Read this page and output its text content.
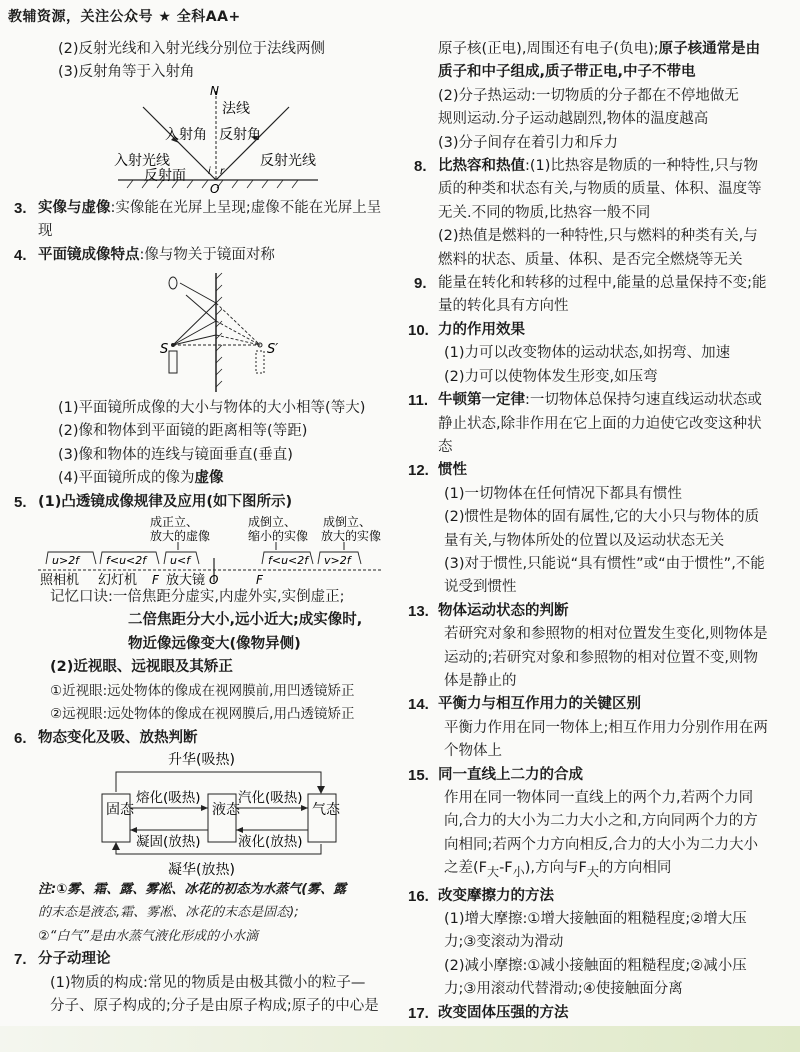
教辅资源，关注公众号 ★ 全科AA+
(2)反射光线和入射光线分别位于法线两侧
(3)反射角等于入射角
N
法线
入射角 反射角
入射光线	反射光线
反射面 i r
O
3. 实像与虚像:实像能在光屏上呈现;虚像不能在光屏上呈现
4. 平面镜成像特点:像与物关于镜面对称
S	S′
(1)平面镜所成像的大小与物体的大小相等(等大)
(2)像和物体到平面镜的距离相等(等距)
(3)像和物体的连线与镜面垂直(垂直)
(4)平面镜所成的像为虚像
5. (1)凸透镜成像规律及应用(如下图所示)
成正立、
放大的虚像
成倒立、
缩小的实像
成倒立、
放大的实像
u>2f f<u<2f u<f	f<u<2f v>2f
照相机 幻灯机 F 放大镜 O	F
记忆口诀:一倍焦距分虚实,内虚外实,实倒虚正;
二倍焦距分大小,远小近大;成实像时,
物近像远像变大(像物异侧)
(2)近视眼、远视眼及其矫正
①近视眼:远处物体的像成在视网膜前,用凹透镜矫正
②远视眼:远处物体的像成在视网膜后,用凸透镜矫正
6. 物态变化及吸、放热判断
升华(吸热)
凝华(放热)
固态	液态	气态
熔化(吸热)
凝固(放热)
汽化(吸热)
液化(放热)
注:①雾、霜、露、雾凇、冰花的初态为水蒸气(雾、露
的末态是液态,霜、雾凇、冰花的末态是固态);
②“白气”是由水蒸气液化形成的小水滴
7. 分子动理论
(1)物质的构成:常见的物质是由极其微小的粒子—
分子、原子构成的;分子是由原子构成;原子的中心是
原子核(正电),周围还有电子(负电);原子核通常是由
质子和中子组成,质子带正电,中子不带电
(2)分子热运动:一切物质的分子都在不停地做无
规则运动.分子运动越剧烈,物体的温度越高
(3)分子间存在着引力和斥力
8. 比热容和热值:(1)比热容是物质的一种特性,只与物质的种类和状态有关,与物质的质量、体积、温度等无关.不同的物质,比热容一般不同
(2)热值是燃料的一种特性,只与燃料的种类有关,与燃料的状态、质量、体积、是否完全燃烧等无关
9. 能量在转化和转移的过程中,能量的总量保持不变;能量的转化具有方向性
10. 力的作用效果
(1)力可以改变物体的运动状态,如拐弯、加速
(2)力可以使物体发生形变,如压弯
11. 牛顿第一定律:一切物体总保持匀速直线运动状态或静止状态,除非作用在它上面的力迫使它改变这种状态
12. 惯性
(1)一切物体在任何情况下都具有惯性
(2)惯性是物体的固有属性,它的大小只与物体的质量有关,与物体所处的位置以及运动状态无关
(3)对于惯性,只能说“具有惯性”或“由于惯性”,不能说受到惯性
13. 物体运动状态的判断
若研究对象和参照物的相对位置发生变化,则物体是运动的;若研究对象和参照物的相对位置不变,则物体是静止的
14. 平衡力与相互作用力的关键区别
平衡力作用在同一物体上;相互作用力分别作用在两个物体上
15. 同一直线上二力的合成
作用在同一物体同一直线上的两个力,若两个力同向,合力的大小为二力大小之和,方向同两个力的方向相同;若两个力方向相反,合力的大小为二力大小之差$(F_大-F_小)$,方向与$F_大$的方向相同
16. 改变摩擦力的方法
(1)增大摩擦:①增大接触面的粗糙程度;②增大压力;③变滚动为滑动
(2)减小摩擦:①减小接触面的粗糙程度;②减小压力;③用滚动代替滑动;④使接触面分离
17. 改变固体压强的方法
